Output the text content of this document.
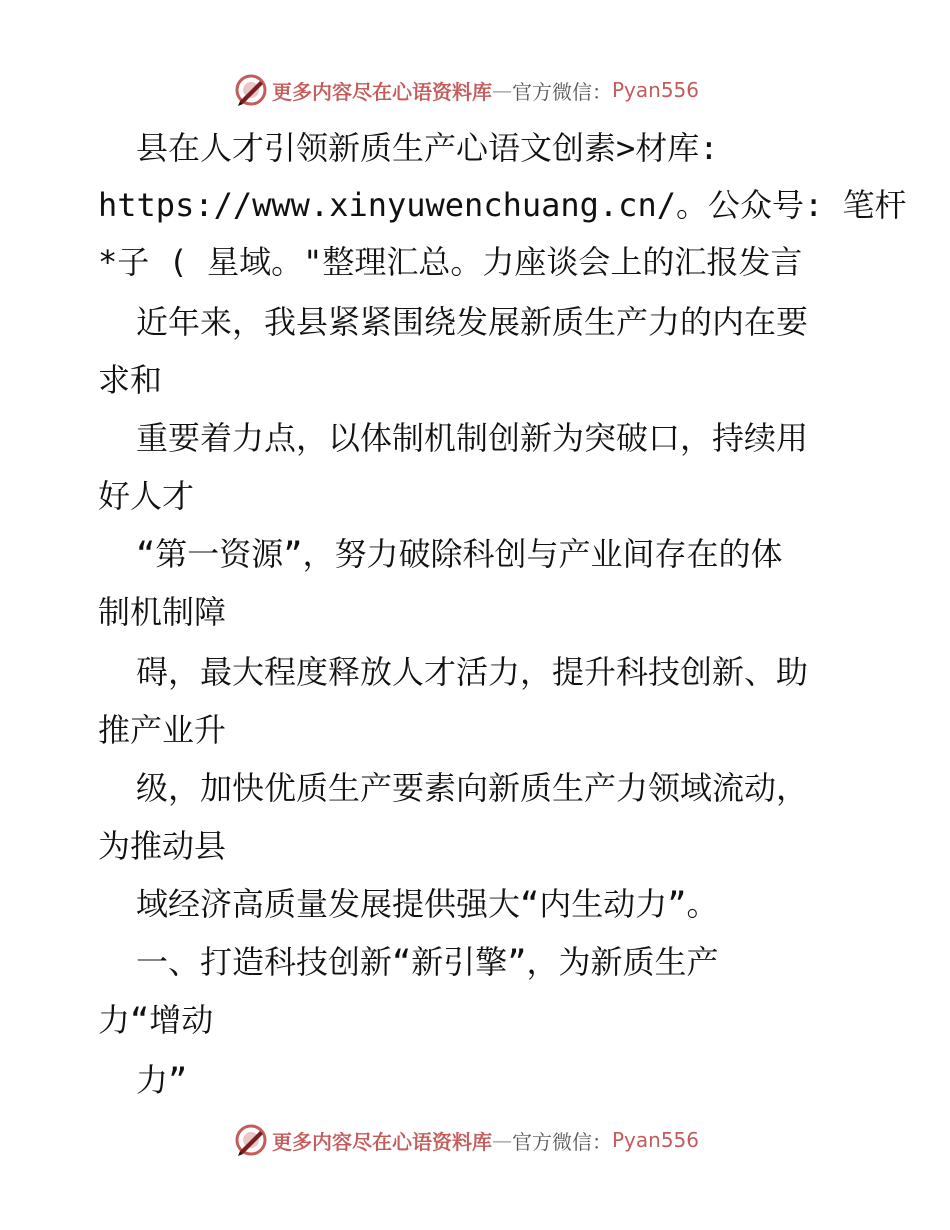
更多内容尽在心语资料库 — 官方微信： Pyan556
县在人才引领新质生产心语文创素>材库:
https://www.xinyuwenchuang.cn/。公众号: 笔杆
*子 ( 星域。"整理汇总。力座谈会上的汇报发言
近年来，我县紧紧围绕发展新质生产力的内在要
求和
重要着力点，以体制机制创新为突破口，持续用
好人才
“第一资源”，努力破除科创与产业间存在的体
制机制障
碍，最大程度释放人才活力，提升科技创新、助
推产业升
级，加快优质生产要素向新质生产力领域流动，
为推动县
域经济高质量发展提供强大“内生动力”。
一、打造科技创新“新引擎”，为新质生产
力“增动
力”
更多内容尽在心语资料库 — 官方微信： Pyan556
